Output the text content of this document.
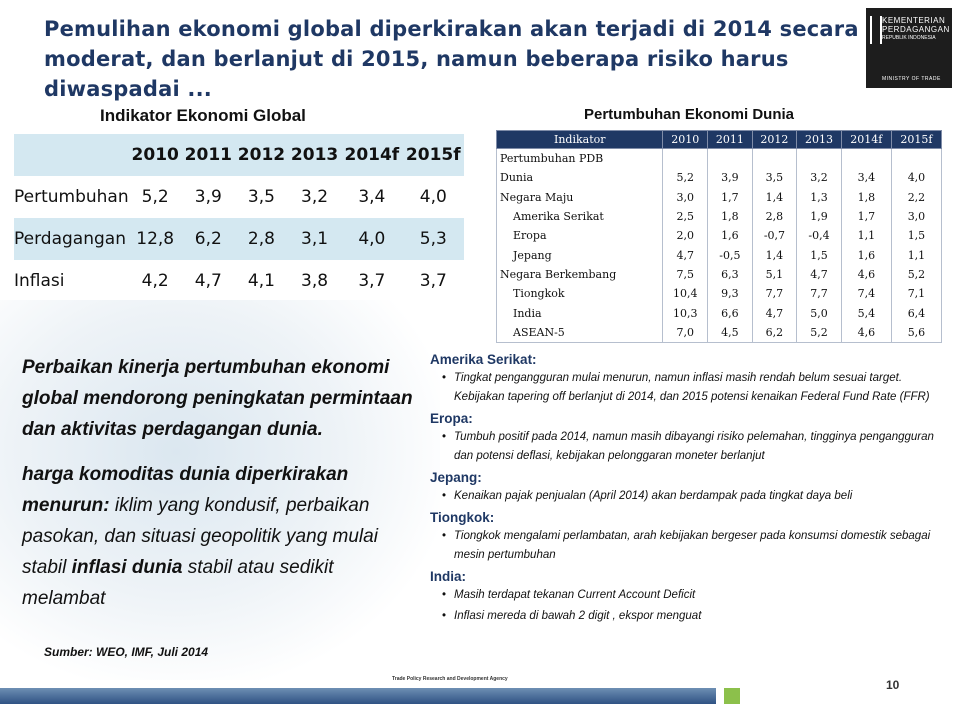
Pemulihan ekonomi global diperkirakan akan terjadi di 2014 secara moderat, dan berlanjut di 2015, namun beberapa risiko harus diwaspadai ...
KEMENTERIAN
PERDAGANGAN
REPUBLIK INDONESIA
MINISTRY OF TRADE
Indikator Ekonomi Global
	2010	2011	2012	2013	2014f	2015f
Pertumbuhan	5,2	3,9	3,5	3,2	3,4	4,0
Perdagangan	12,8	6,2	2,8	3,1	4,0	5,3
Inflasi	4,2	4,7	4,1	3,8	3,7	3,7
Pertumbuhan Ekonomi Dunia
Indikator	2010	2011	2012	2013	2014f	2015f
Pertumbuhan PDB						
Dunia	5,2	3,9	3,5	3,2	3,4	4,0
Negara Maju	3,0	1,7	1,4	1,3	1,8	2,2
Amerika Serikat	2,5	1,8	2,8	1,9	1,7	3,0
Eropa	2,0	1,6	-0,7	-0,4	1,1	1,5
Jepang	4,7	-0,5	1,4	1,5	1,6	1,1
Negara Berkembang	7,5	6,3	5,1	4,7	4,6	5,2
Tiongkok	10,4	9,3	7,7	7,7	7,4	7,1
India	10,3	6,6	4,7	5,0	5,4	6,4
ASEAN-5	7,0	4,5	6,2	5,2	4,6	5,6

Perbaikan kinerja pertumbuhan ekonomi global mendorong peningkatan permintaan dan aktivitas perdagangan dunia.

harga komoditas dunia diperkirakan menurun: iklim yang kondusif, perbaikan pasokan, dan situasi geopolitik yang mulai stabil inflasi dunia stabil atau sedikit melambat

Sumber: WEO, IMF, Juli 2014
Amerika Serikat:
• Tingkat pengangguran mulai menurun, namun inflasi masih rendah belum sesuai target. Kebijakan tapering off berlanjut di 2014, dan 2015 potensi kenaikan Federal Fund Rate (FFR)
Eropa:
• Tumbuh positif pada 2014, namun masih dibayangi risiko pelemahan, tingginya pengangguran dan potensi deflasi, kebijakan pelonggaran moneter berlanjut
Jepang:
• Kenaikan pajak penjualan (April 2014) akan berdampak pada tingkat daya beli
Tiongkok:
• Tiongkok mengalami perlambatan, arah kebijakan bergeser pada konsumsi domestik sebagai mesin pertumbuhan
India:
• Masih terdapat tekanan Current Account Deficit
• Inflasi mereda di bawah 2 digit , ekspor menguat
Trade Policy Research and Development Agency	10
